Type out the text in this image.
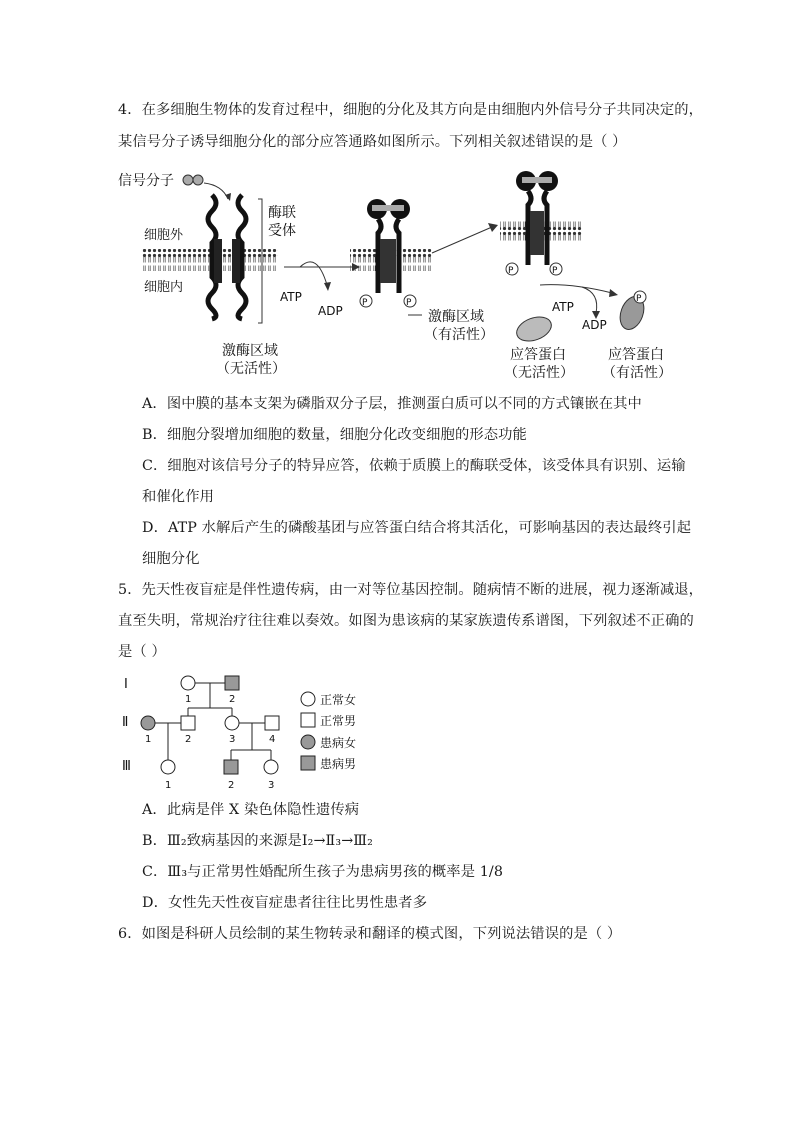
4．在多细胞生物体的发育过程中，细胞的分化及其方向是由细胞内外信号分子共同决定的，
某信号分子诱导细胞分化的部分应答通路如图所示。下列相关叙述错误的是（ ）
信号分子
细胞外
细胞内
酶联
受体
激酶区域
（无活性）
ATP
ADP
P	P
激酶区域
（有活性）
P	P
ATP
ADP
P
应答蛋白
（无活性）
应答蛋白
（有活性）
A．图中膜的基本支架为磷脂双分子层，推测蛋白质可以不同的方式镶嵌在其中
B．细胞分裂增加细胞的数量，细胞分化改变细胞的形态功能
C．细胞对该信号分子的特异应答，依赖于质膜上的酶联受体，该受体具有识别、运输
和催化作用
D．ATP 水解后产生的磷酸基团与应答蛋白结合将其活化，可影响基因的表达最终引起
细胞分化
5．先天性夜盲症是伴性遗传病，由一对等位基因控制。随病情不断的进展，视力逐渐减退，
直至失明，常规治疗往往难以奏效。如图为患该病的某家族遗传系谱图，下列叙述不正确的
是（ ）
Ⅰ
Ⅱ
Ⅲ
1	2
1	2	3	4
1	2	3
正常女
正常男
患病女
患病男
A．此病是伴 X 染色体隐性遗传病
B．Ⅲ₂致病基因的来源是Ⅰ₂→Ⅱ₃→Ⅲ₂
C．Ⅲ₃与正常男性婚配所生孩子为患病男孩的概率是 1/8
D．女性先天性夜盲症患者往往比男性患者多
6．如图是科研人员绘制的某生物转录和翻译的模式图，下列说法错误的是（ ）
